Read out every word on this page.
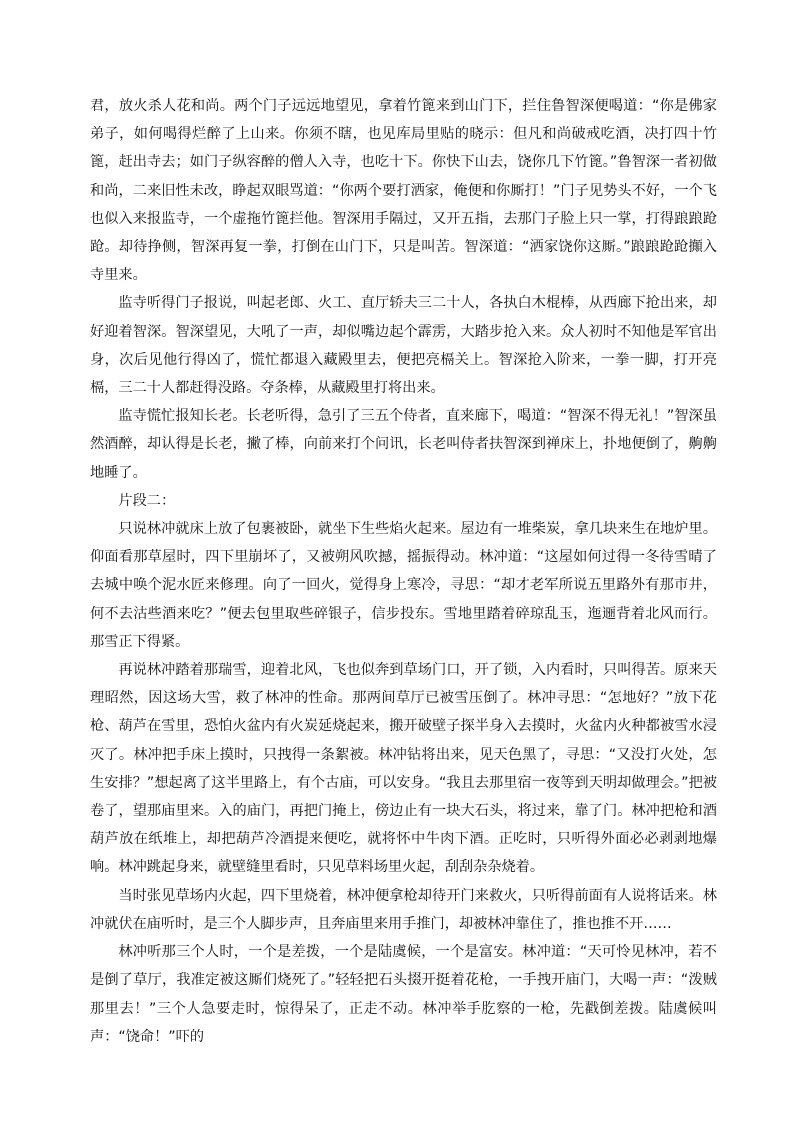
君，放火杀人花和尚。两个门子远远地望见，拿着竹篦来到山门下，拦住鲁智深便喝道：“你是佛家弟子，如何喝得烂醉了上山来。你须不瞎，也见库局里贴的晓示：但凡和尚破戒吃酒，决打四十竹篦，赶出寺去；如门子纵容醉的僧人入寺，也吃十下。你快下山去，饶你几下竹篦。”鲁智深一者初做和尚，二来旧性未改，睁起双眼骂道：“你两个要打洒家，俺便和你厮打！”门子见势头不好，一个飞也似入来报监寺，一个虚拖竹篦拦他。智深用手隔过，又开五指，去那门子脸上只一掌，打得踉踉跄跄。却待挣侧，智深再复一拳，打倒在山门下，只是叫苦。智深道：“洒家饶你这厮。”踉踉跄跄攧入寺里来。

监寺听得门子报说，叫起老郎、火工、直厅轿夫三二十人，各执白木棍棒，从西廊下抢出来，却好迎着智深。智深望见，大吼了一声，却似嘴边起个霹雳，大踏步抢入来。众人初时不知他是军官出身，次后见他行得凶了，慌忙都退入藏殿里去，便把亮槅关上。智深抢入阶来，一拳一脚，打开亮槅，三二十人都赶得没路。夺条棒，从藏殿里打将出来。

监寺慌忙报知长老。长老听得，急引了三五个侍者，直来廊下，喝道：“智深不得无礼！”智深虽然酒醉，却认得是长老，撇了棒，向前来打个问讯，长老叫侍者扶智深到禅床上，扑地便倒了，齁齁地睡了。

片段二：

只说林冲就床上放了包裹被卧，就坐下生些焰火起来。屋边有一堆柴炭，拿几块来生在地炉里。仰面看那草屋时，四下里崩坏了，又被朔风吹撼，摇振得动。林冲道：“这屋如何过得一冬待雪晴了去城中唤个泥水匠来修理。向了一回火，觉得身上寒冷，寻思：“却才老军所说五里路外有那市井，何不去沽些酒来吃？”便去包里取些碎银子，信步投东。雪地里踏着碎琼乱玉，迤逦背着北风而行。那雪正下得紧。

再说林冲踏着那瑞雪，迎着北风，飞也似奔到草场门口，开了锁，入内看时，只叫得苦。原来天理昭然，因这场大雪，救了林冲的性命。那两间草厅已被雪压倒了。林冲寻思：“怎地好？”放下花枪、葫芦在雪里，恐怕火盆内有火炭延烧起来，搬开破壁子探半身入去摸时，火盆内火种都被雪水浸灭了。林冲把手床上摸时，只拽得一条絮被。林冲钻将出来，见天色黑了，寻思：“又没打火处，怎生安排？”想起离了这半里路上，有个古庙，可以安身。“我且去那里宿一夜等到天明却做理会。”把被卷了，望那庙里来。入的庙门，再把门掩上，傍边止有一块大石头，将过来，靠了门。林冲把枪和酒葫芦放在纸堆上，却把葫芦冷酒提来便吃，就将怀中牛肉下酒。正吃时，只听得外面必必剥剥地爆响。林冲跳起身来，就壁缝里看时，只见草料场里火起，刮刮杂杂烧着。

当时张见草场内火起，四下里烧着，林冲便拿枪却待开门来救火，只听得前面有人说将话来。林冲就伏在庙听时，是三个人脚步声，且奔庙里来用手推门，却被林冲靠住了，推也推不开……

林冲听那三个人时，一个是差拨，一个是陆虞候，一个是富安。林冲道：“天可怜见林冲，若不是倒了草厅，我准定被这厮们烧死了。”轻轻把石头掇开挺着花枪，一手拽开庙门，大喝一声：“泼贼那里去！”三个人急要走时，惊得呆了，正走不动。林冲举手肐察的一枪，先戳倒差拨。陆虞候叫声：“饶命！”吓的
